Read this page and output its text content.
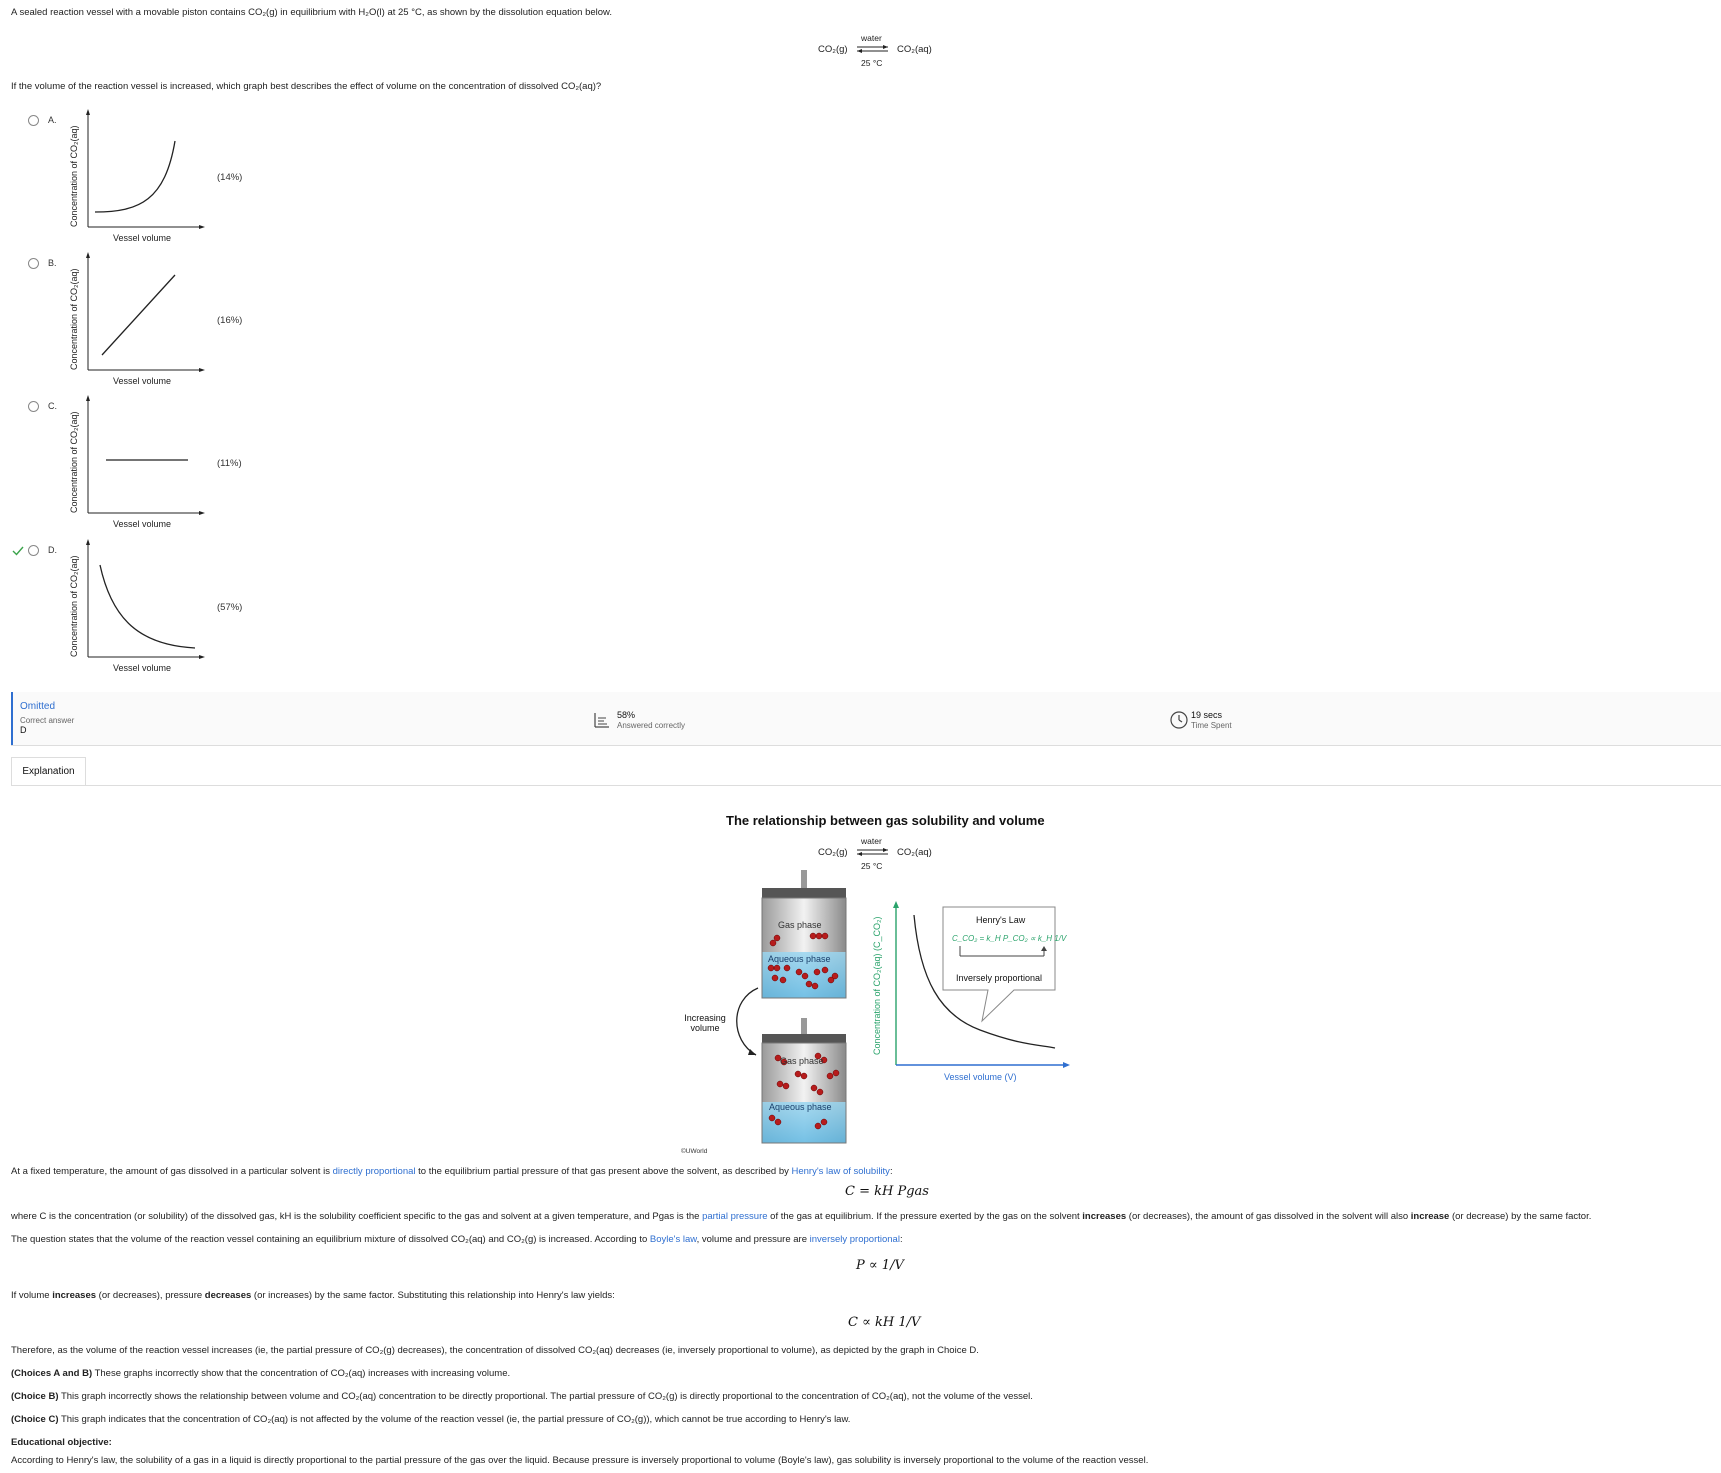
A sealed reaction vessel with a movable piston contains CO₂(g) in equilibrium with H₂O(l) at 25 °C, as shown by the dissolution equation below.
CO₂(g)
water
⇌ CO₂(aq)
25 °C
If the volume of the reaction vessel is increased, which graph best describes the effect of volume on the concentration of dissolved CO₂(aq)?
A.
Concentration of CO₂(aq)
Vessel volume
(14%)
B.
Concentration of CO₂(aq)
Vessel volume
(16%)
C.
Concentration of CO₂(aq)
Vessel volume
(11%)
D.
Concentration of CO₂(aq)
Vessel volume
(57%)
Omitted
Correct answer
D
58%
Answered correctly
19 secs
Time Spent
Explanation
The relationship between gas solubility and volume
CO₂(g)
water
CO₂(aq)
25 °C
Gas phase
Aqueous phase
Increasing volume
Gas phase
Aqueous phase
Concentration of CO₂(aq) (C_CO₂)
Vessel volume (V)
Henry's Law
C_CO₂ = k_H P_CO₂ ∝ k_H 1/V
Inversely proportional
©UWorld
At a fixed temperature, the amount of gas dissolved in a particular solvent is directly proportional to the equilibrium partial pressure of that gas present above the solvent, as described by Henry's law of solubility:
C = kH Pgas
where C is the concentration (or solubility) of the dissolved gas, kH is the solubility coefficient specific to the gas and solvent at a given temperature, and Pgas is the partial pressure of the gas at equilibrium. If the pressure exerted by the gas on the solvent increases (or decreases), the amount of gas dissolved in the solvent will also increase (or decrease) by the same factor.
The question states that the volume of the reaction vessel containing an equilibrium mixture of dissolved CO₂(aq) and CO₂(g) is increased. According to Boyle's law, volume and pressure are inversely proportional:
P ∝ 1/V
If volume increases (or decreases), pressure decreases (or increases) by the same factor. Substituting this relationship into Henry's law yields:
C ∝ kH 1/V
Therefore, as the volume of the reaction vessel increases (ie, the partial pressure of CO₂(g) decreases), the concentration of dissolved CO₂(aq) decreases (ie, inversely proportional to volume), as depicted by the graph in Choice D.
(Choices A and B) These graphs incorrectly show that the concentration of CO₂(aq) increases with increasing volume.
(Choice B) This graph incorrectly shows the relationship between volume and CO₂(aq) concentration to be directly proportional. The partial pressure of CO₂(g) is directly proportional to the concentration of CO₂(aq), not the volume of the vessel.
(Choice C) This graph indicates that the concentration of CO₂(aq) is not affected by the volume of the reaction vessel (ie, the partial pressure of CO₂(g)), which cannot be true according to Henry's law.
Educational objective:
According to Henry's law, the solubility of a gas in a liquid is directly proportional to the partial pressure of the gas over the liquid. Because pressure is inversely proportional to volume (Boyle's law), gas solubility is inversely proportional to the volume of the reaction vessel.
